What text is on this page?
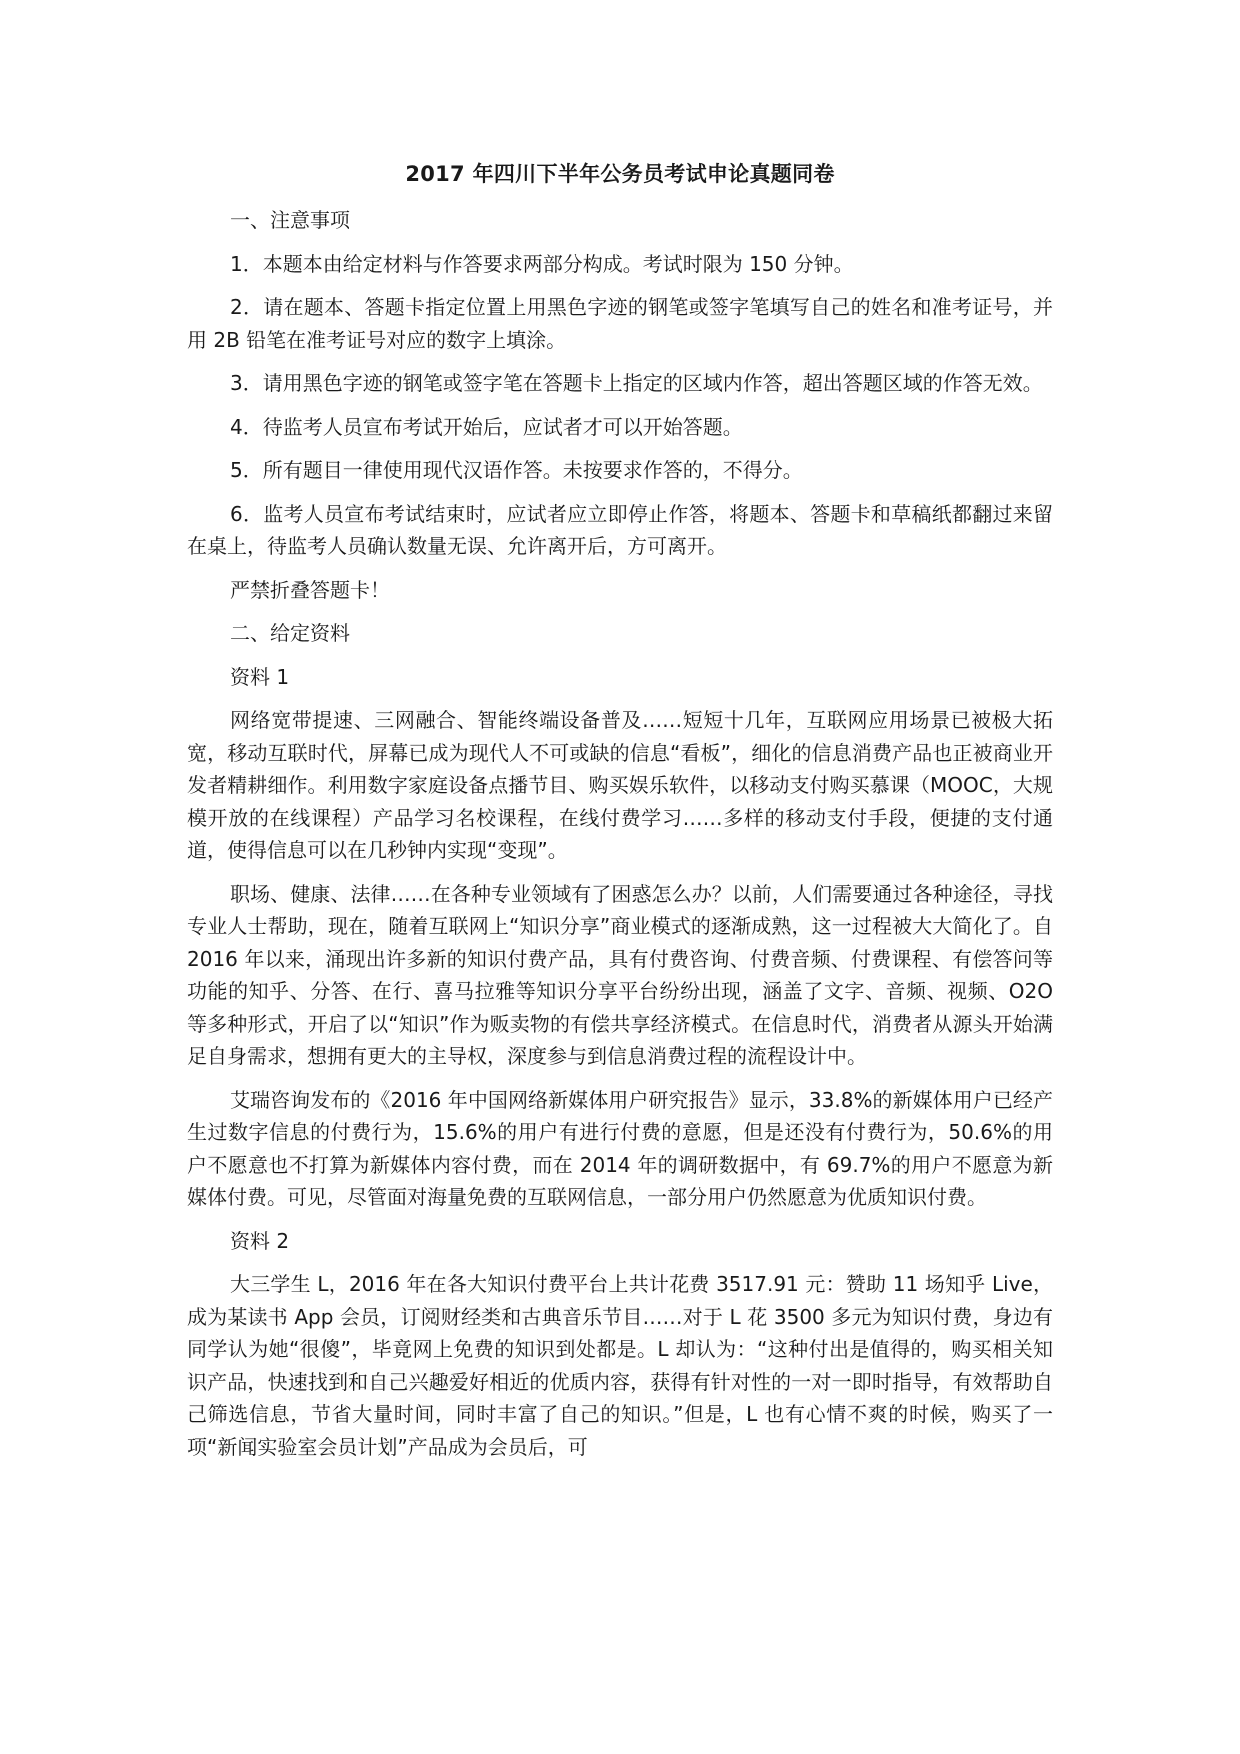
2017 年四川下半年公务员考试申论真题同卷

一、注意事项

1．本题本由给定材料与作答要求两部分构成。考试时限为 150 分钟。

2．请在题本、答题卡指定位置上用黑色字迹的钢笔或签字笔填写自己的姓名和准考证号，并用 2B 铅笔在准考证号对应的数字上填涂。

3．请用黑色字迹的钢笔或签字笔在答题卡上指定的区域内作答，超出答题区域的作答无效。

4．待监考人员宣布考试开始后，应试者才可以开始答题。

5．所有题目一律使用现代汉语作答。未按要求作答的，不得分。

6．监考人员宣布考试结束时，应试者应立即停止作答，将题本、答题卡和草稿纸都翻过来留在桌上，待监考人员确认数量无误、允许离开后，方可离开。

严禁折叠答题卡！

二、给定资料

资料 1

网络宽带提速、三网融合、智能终端设备普及……短短十几年，互联网应用场景已被极大拓宽，移动互联时代，屏幕已成为现代人不可或缺的信息“看板”，细化的信息消费产品也正被商业开发者精耕细作。利用数字家庭设备点播节目、购买娱乐软件，以移动支付购买慕课（MOOC，大规模开放的在线课程）产品学习名校课程，在线付费学习……多样的移动支付手段，便捷的支付通道，使得信息可以在几秒钟内实现“变现”。

职场、健康、法律……在各种专业领域有了困惑怎么办？以前，人们需要通过各种途径，寻找专业人士帮助，现在，随着互联网上“知识分享”商业模式的逐渐成熟，这一过程被大大简化了。自 2016 年以来，涌现出许多新的知识付费产品，具有付费咨询、付费音频、付费课程、有偿答问等功能的知乎、分答、在行、喜马拉雅等知识分享平台纷纷出现，涵盖了文字、音频、视频、O2O 等多种形式，开启了以“知识”作为贩卖物的有偿共享经济模式。在信息时代，消费者从源头开始满足自身需求，想拥有更大的主导权，深度参与到信息消费过程的流程设计中。

艾瑞咨询发布的《2016 年中国网络新媒体用户研究报告》显示，33.8%的新媒体用户已经产生过数字信息的付费行为，15.6%的用户有进行付费的意愿，但是还没有付费行为，50.6%的用户不愿意也不打算为新媒体内容付费，而在 2014 年的调研数据中，有 69.7%的用户不愿意为新媒体付费。可见，尽管面对海量免费的互联网信息，一部分用户仍然愿意为优质知识付费。

资料 2

大三学生 L，2016 年在各大知识付费平台上共计花费 3517.91 元：赞助 11 场知乎 Live，成为某读书 App 会员，订阅财经类和古典音乐节目……对于 L 花 3500 多元为知识付费，身边有同学认为她“很傻”，毕竟网上免费的知识到处都是。L 却认为：“这种付出是值得的，购买相关知识产品，快速找到和自己兴趣爱好相近的优质内容，获得有针对性的一对一即时指导，有效帮助自己筛选信息，节省大量时间，同时丰富了自己的知识。”但是，L 也有心情不爽的时候，购买了一项“新闻实验室会员计划”产品成为会员后，可
